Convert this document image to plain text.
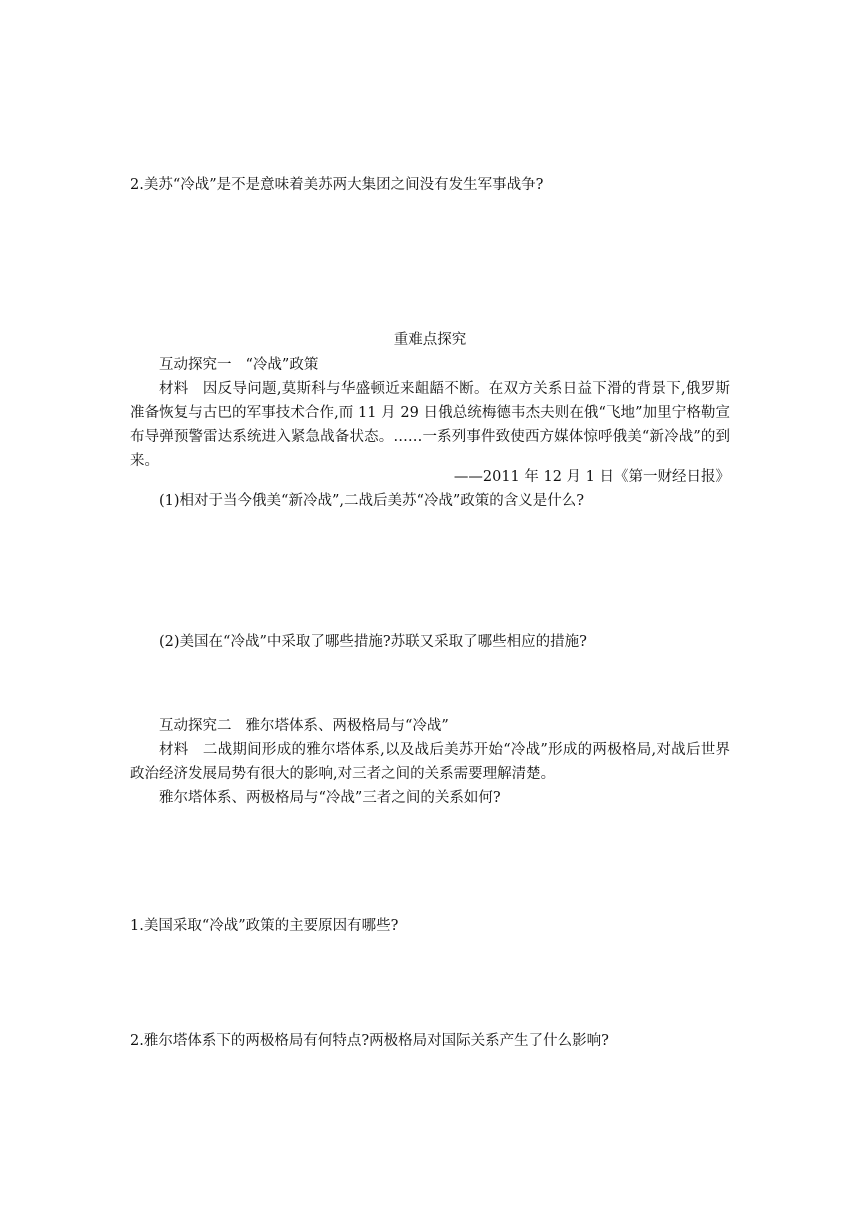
2.美苏“冷战”是不是意味着美苏两大集团之间没有发生军事战争?
重难点探究
互动探究一 “冷战”政策
材料 因反导问题,莫斯科与华盛顿近来龃龉不断。在双方关系日益下滑的背景下,俄罗斯准备恢复与古巴的军事技术合作,而 11 月 29 日俄总统梅德韦杰夫则在俄“飞地”加里宁格勒宣布导弹预警雷达系统进入紧急战备状态。……一系列事件致使西方媒体惊呼俄美“新冷战”的到来。
——2011 年 12 月 1 日《第一财经日报》
(1)相对于当今俄美“新冷战”,二战后美苏“冷战”政策的含义是什么?
(2)美国在“冷战”中采取了哪些措施?苏联又采取了哪些相应的措施?
互动探究二 雅尔塔体系、两极格局与“冷战”
材料 二战期间形成的雅尔塔体系,以及战后美苏开始“冷战”形成的两极格局,对战后世界政治经济发展局势有很大的影响,对三者之间的关系需要理解清楚。
雅尔塔体系、两极格局与“冷战”三者之间的关系如何?
1.美国采取“冷战”政策的主要原因有哪些?
2.雅尔塔体系下的两极格局有何特点?两极格局对国际关系产生了什么影响?
